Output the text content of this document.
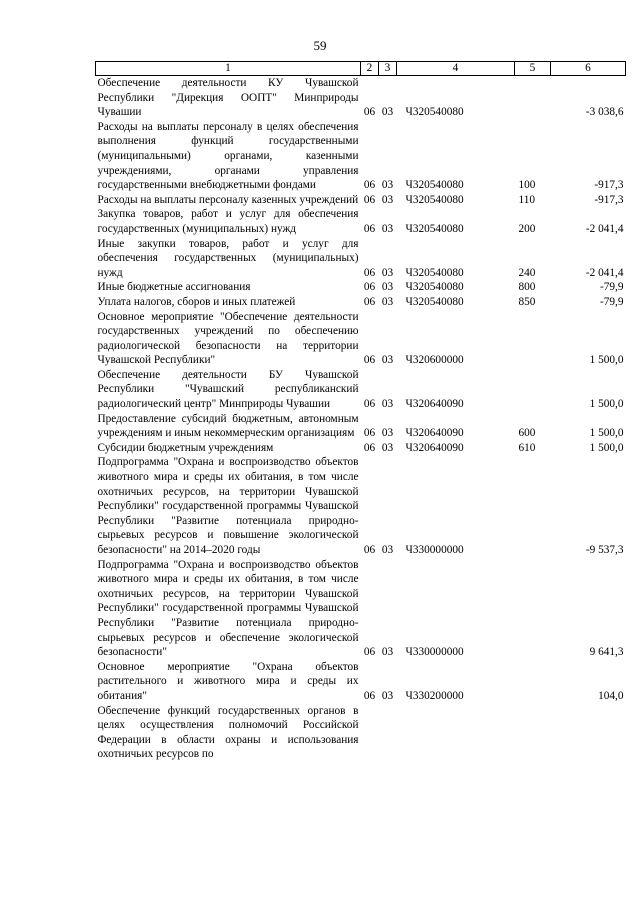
59
1	2	3	4	5	6
Обеспечение деятельности КУ Чувашской Республики "Дирекция ООПТ" Минприроды Чувашии	06	03	Ч320540080		-3 038,6
Расходы на выплаты персоналу в целях обеспечения выполнения функций государственными (муниципальными) органами, казенными учреждениями, органами управления государственными внебюджетными фондами	06	03	Ч320540080	100	-917,3
Расходы на выплаты персоналу казенных учреждений	06	03	Ч320540080	110	-917,3
Закупка товаров, работ и услуг для обеспечения государственных (муниципальных) нужд	06	03	Ч320540080	200	-2 041,4
Иные закупки товаров, работ и услуг для обеспечения государственных (муниципальных) нужд	06	03	Ч320540080	240	-2 041,4
Иные бюджетные ассигнования	06	03	Ч320540080	800	-79,9
Уплата налогов, сборов и иных платежей	06	03	Ч320540080	850	-79,9
Основное мероприятие "Обеспечение деятельности государственных учреждений по обеспечению радиологической безопасности на территории Чувашской Республики"	06	03	Ч320600000		1 500,0
Обеспечение деятельности БУ Чувашской Республики "Чувашский республиканский радиологический центр" Минприроды Чувашии	06	03	Ч320640090		1 500,0
Предоставление субсидий бюджетным, автономным учреждениям и иным некоммерческим организациям	06	03	Ч320640090	600	1 500,0
Субсидии бюджетным учреждениям	06	03	Ч320640090	610	1 500,0
Подпрограмма "Охрана и воспроизводство объектов животного мира и среды их обитания, в том числе охотничьих ресурсов, на территории Чувашской Республики" государственной программы Чувашской Республики "Развитие потенциала природно-сырьевых ресурсов и повышение экологической безопасности" на 2014–2020 годы	06	03	Ч330000000		-9 537,3
Подпрограмма "Охрана и воспроизводство объектов животного мира и среды их обитания, в том числе охотничьих ресурсов, на территории Чувашской Республики" государственной программы Чувашской Республики "Развитие потенциала природно-сырьевых ресурсов и обеспечение экологической безопасности"	06	03	Ч330000000		9 641,3
Основное мероприятие "Охрана объектов растительного и животного мира и среды их обитания"	06	03	Ч330200000		104,0
Обеспечение функций государственных органов в целях осуществления полномочий Российской Федерации в области охраны и использования охотничьих ресурсов по					
